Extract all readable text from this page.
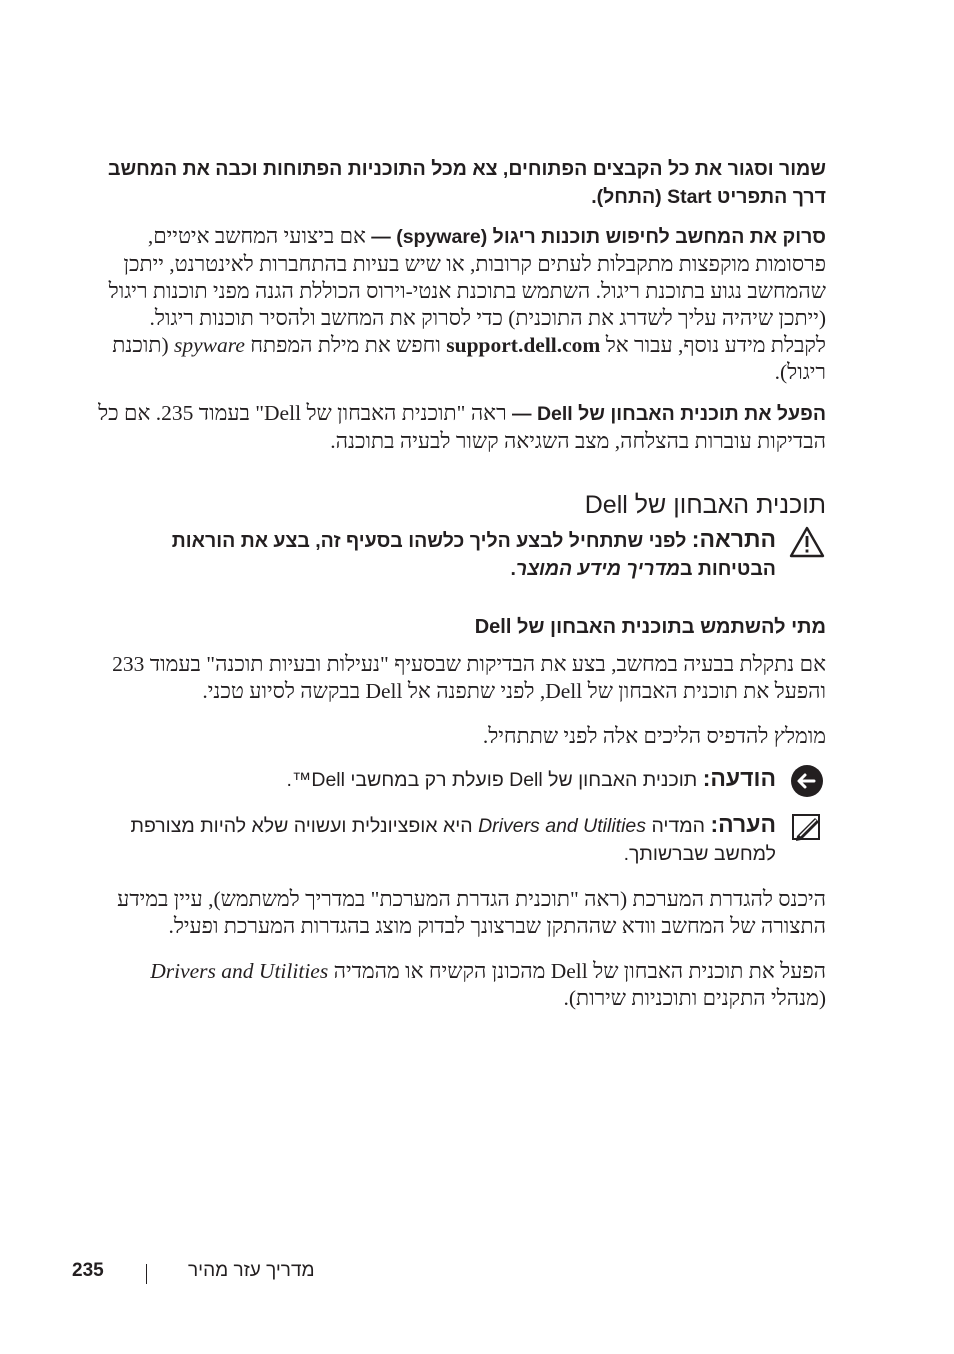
שמור וסגור את כל הקבצים הפתוחים, צא מכל התוכניות הפתוחות וכבה את המחשב דרך התפריט Start (התחל).

סרוק את המחשב לחיפוש תוכנות ריגול (spyware) — אם ביצועי המחשב איטיים, פרסומות מוקפצות מתקבלות לעתים קרובות, או שיש בעיות בהתחברות לאינטרנט, ייתכן שהמחשב נגוע בתוכנת ריגול. השתמש בתוכנת אנטי-וירוס הכוללת הגנה מפני תוכנות ריגול (ייתכן שיהיה עליך לשדרג את התוכנית) כדי לסרוק את המחשב ולהסיר תוכנות ריגול. לקבלת מידע נוסף, עבור אל support.dell.com וחפש את מילת המפתח spyware (תוכנת ריגול).

הפעל את תוכנית האבחון של Dell — ראה "תוכנית האבחון של Dell" בעמוד 235. אם כל הבדיקות עוברות בהצלחה, מצב השגיאה קשור לבעיה בתוכנה.

תוכנית האבחון של Dell

התראה: לפני שתתחיל לבצע הליך כלשהו בסעיף זה, בצע את הוראות הבטיחות במדריך מידע המוצר.

מתי להשתמש בתוכנית האבחון של Dell

אם נתקלת בבעיה במחשב, בצע את הבדיקות שבסעיף "נעילות ובעיות תוכנה" בעמוד 233 והפעל את תוכנית האבחון של Dell, לפני שתפנה אל Dell בבקשה לסיוע טכני.

מומלץ להדפיס הליכים אלה לפני שתתחיל.

הודעה: תוכנית האבחון של Dell פועלת רק במחשבי Dell™.

הערה: המדיה Drivers and Utilities היא אופציונלית ועשויה שלא להיות מצורפת למחשב שברשותך.

היכנס להגדרת המערכת (ראה "תוכנית הגדרת המערכת" במדריך למשתמש), עיין במידע התצורה של המחשב וודא שההתקן שברצונך לבדוק מוצג בהגדרות המערכת ופעיל.

הפעל את תוכנית האבחון של Dell מהכונן הקשיח או מהמדיה Drivers and Utilities (מנהלי התקנים ותוכניות שירות).

235	מדריך עזר מהיר
